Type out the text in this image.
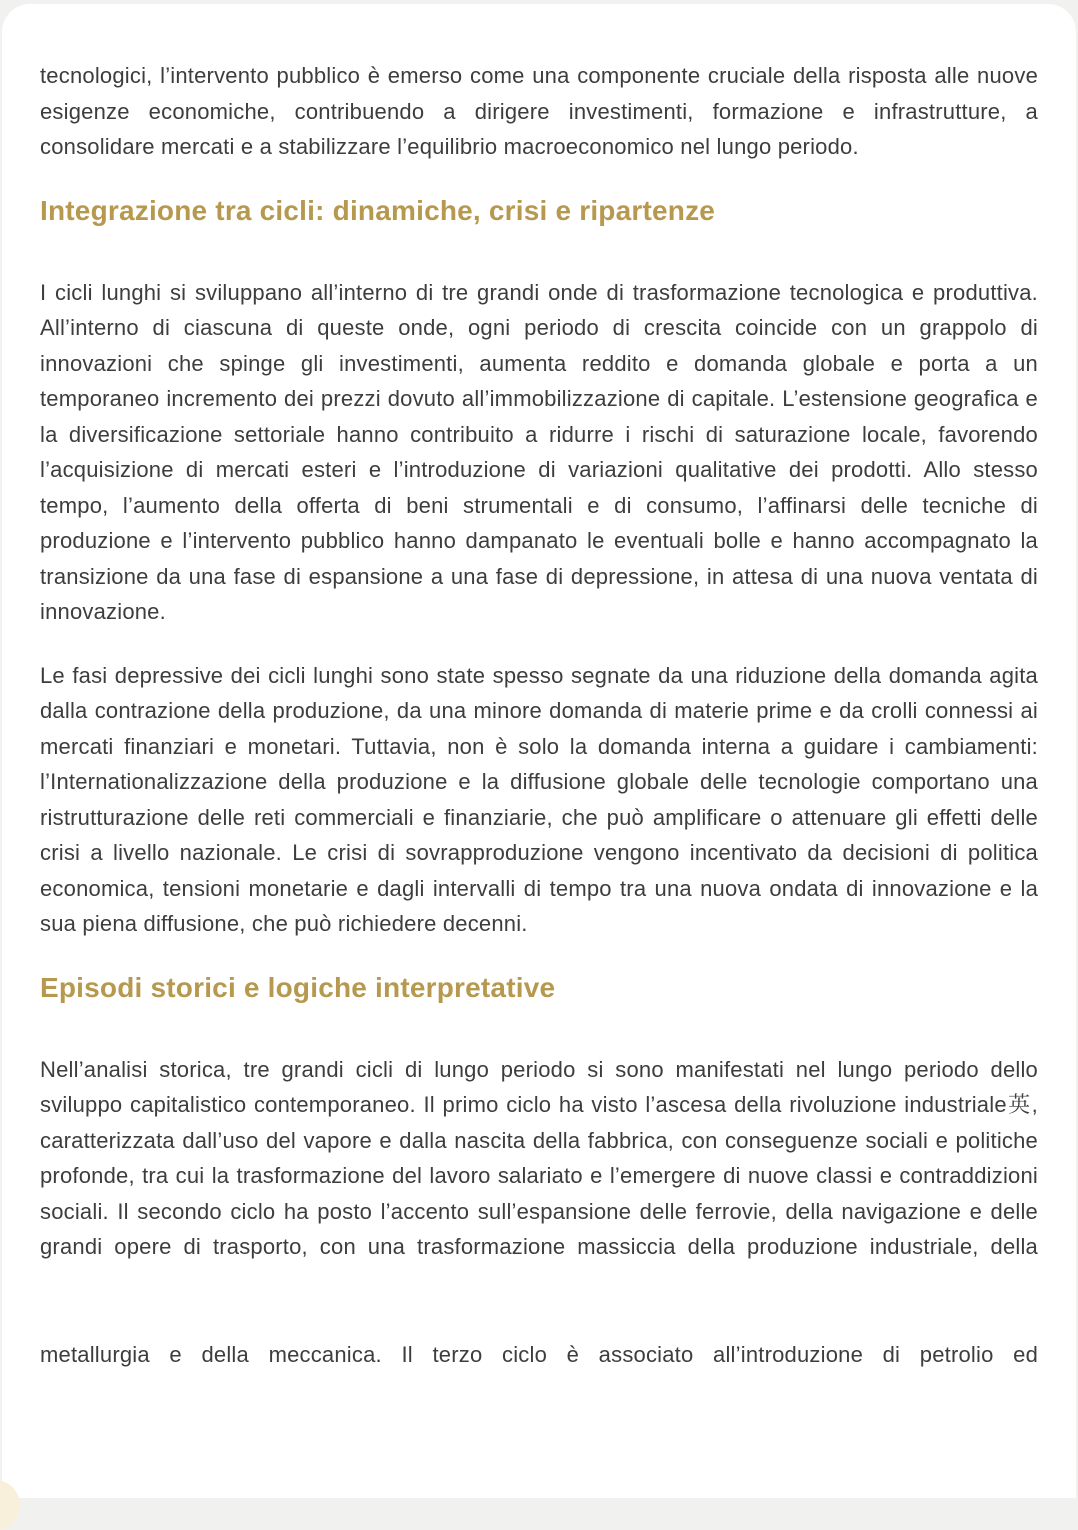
tecnologici, l’intervento pubblico è emerso come una componente cruciale della risposta alle nuove esigenze economiche, contribuendo a dirigere investimenti, formazione e infrastrutture, a consolidare mercati e a stabilizzare l’equilibrio macroeconomico nel lungo periodo.

Integrazione tra cicli: dinamiche, crisi e ripartenze

I cicli lunghi si sviluppano all’interno di tre grandi onde di trasformazione tecnologica e produttiva. All’interno di ciascuna di queste onde, ogni periodo di crescita coincide con un grappolo di innovazioni che spinge gli investimenti, aumenta reddito e domanda globale e porta a un temporaneo incremento dei prezzi dovuto all’immobilizzazione di capitale. L’estensione geografica e la diversificazione settoriale hanno contribuito a ridurre i rischi di saturazione locale, favorendo l’acquisizione di mercati esteri e l’introduzione di variazioni qualitative dei prodotti. Allo stesso tempo, l’aumento della offerta di beni strumentali e di consumo, l’affinarsi delle tecniche di produzione e l’intervento pubblico hanno dampanato le eventuali bolle e hanno accompagnato la transizione da una fase di espansione a una fase di depressione, in attesa di una nuova ventata di innovazione.

Le fasi depressive dei cicli lunghi sono state spesso segnate da una riduzione della domanda agita dalla contrazione della produzione, da una minore domanda di materie prime e da crolli connessi ai mercati finanziari e monetari. Tuttavia, non è solo la domanda interna a guidare i cambiamenti: l’Internationalizzazione della produzione e la diffusione globale delle tecnologie comportano una ristrutturazione delle reti commerciali e finanziarie, che può amplificare o attenuare gli effetti delle crisi a livello nazionale. Le crisi di sovrapproduzione vengono incentivato da decisioni di politica economica, tensioni monetarie e dagli intervalli di tempo tra una nuova ondata di innovazione e la sua piena diffusione, che può richiedere decenni.

Episodi storici e logiche interpretative

Nell’analisi storica, tre grandi cicli di lungo periodo si sono manifestati nel lungo periodo dello sviluppo capitalistico contemporaneo. Il primo ciclo ha visto l’ascesa della rivoluzione industriale英, caratterizzata dall’uso del vapore e dalla nascita della fabbrica, con conseguenze sociali e politiche profonde, tra cui la trasformazione del lavoro salariato e l’emergere di nuove classi e contraddizioni sociali. Il secondo ciclo ha posto l’accento sull’espansione delle ferrovie, della navigazione e delle grandi opere di trasporto, con una trasformazione massiccia della produzione industriale, della

metallurgia e della meccanica. Il terzo ciclo è associato all’introduzione di petrolio ed
